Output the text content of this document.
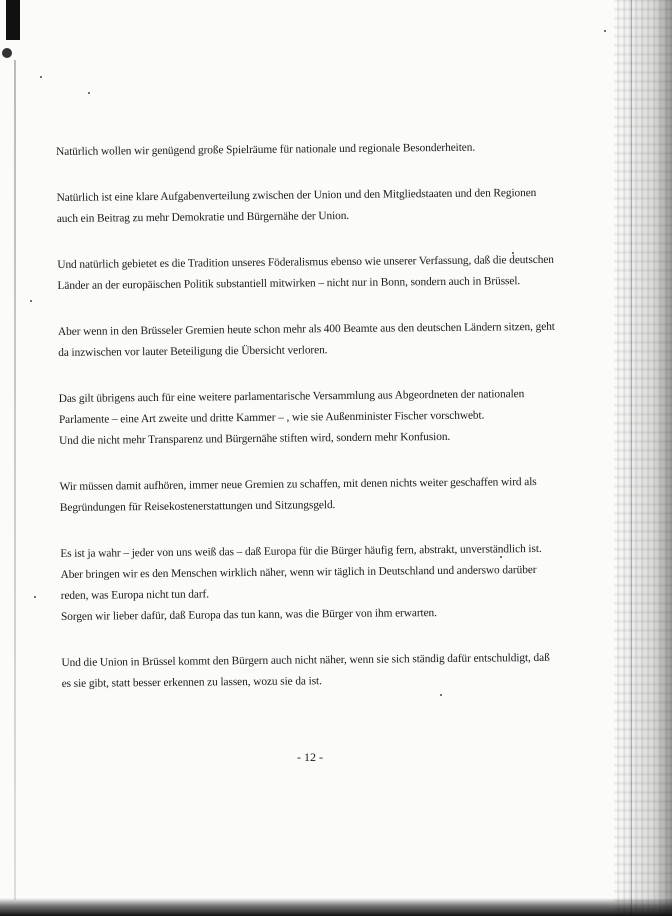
Natürlich wollen wir genügend große Spielräume für nationale und regionale Besonderheiten.

Natürlich ist eine klare Aufgabenverteilung zwischen der Union und den Mitgliedstaaten und den Regionen auch ein Beitrag zu mehr Demokratie und Bürgernähe der Union.

Und natürlich gebietet es die Tradition unseres Föderalismus ebenso wie unserer Verfassung, daß die deutschen Länder an der europäischen Politik substantiell mitwirken – nicht nur in Bonn, sondern auch in Brüssel.

Aber wenn in den Brüsseler Gremien heute schon mehr als 400 Beamte aus den deutschen Ländern sitzen, geht da inzwischen vor lauter Beteiligung die Übersicht verloren.

Das gilt übrigens auch für eine weitere parlamentarische Versammlung aus Abgeordneten der nationalen Parlamente – eine Art zweite und dritte Kammer – , wie sie Außenminister Fischer vorschwebt.

Und die nicht mehr Transparenz und Bürgernähe stiften wird, sondern mehr Konfusion.

Wir müssen damit aufhören, immer neue Gremien zu schaffen, mit denen nichts weiter geschaffen wird als Begründungen für Reisekostenerstattungen und Sitzungsgeld.

Es ist ja wahr – jeder von uns weiß das – daß Europa für die Bürger häufig fern, abstrakt, unverständlich ist.

Aber bringen wir es den Menschen wirklich näher, wenn wir täglich in Deutschland und anderswo darüber reden, was Europa nicht tun darf.

Sorgen wir lieber dafür, daß Europa das tun kann, was die Bürger von ihm erwarten.

Und die Union in Brüssel kommt den Bürgern auch nicht näher, wenn sie sich ständig dafür entschuldigt, daß es sie gibt, statt besser erkennen zu lassen, wozu sie da ist.

- 12 -
